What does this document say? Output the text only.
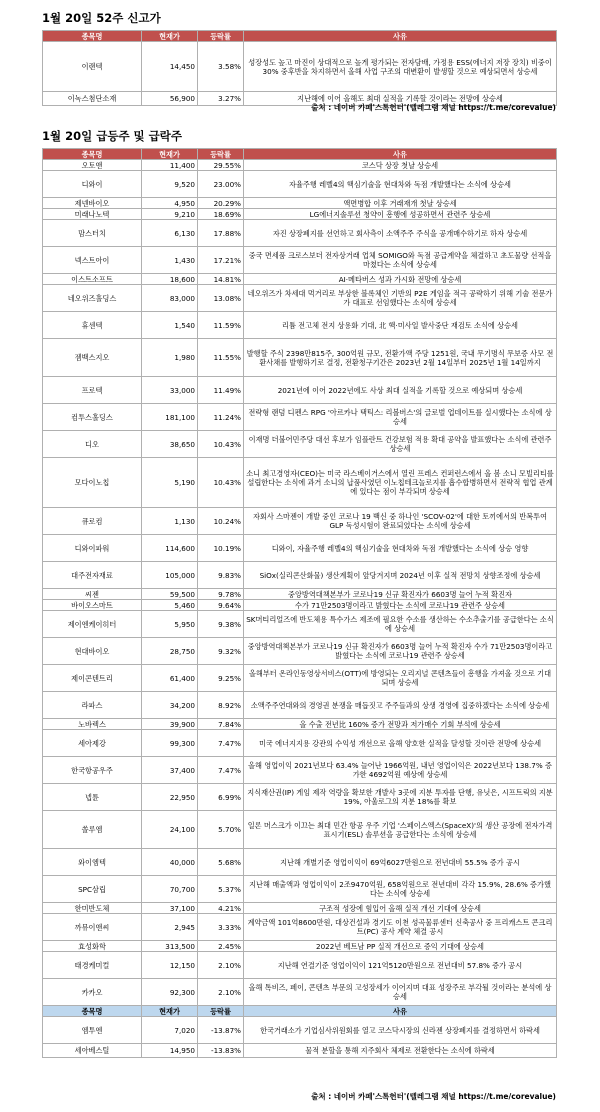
1월 20일 52주 신고가
종목명	현재가	등락률	사유
이랜텍	14,450	3.58%	성장성도 높고 마진이 상대적으로 높게 평가되는 전자담배, 가정용 ESS(에너지 저장 장치) 비중이 30% 중후반을 차지하면서 올해 사업 구조의 대변환이 발생할 것으로 예상되면서 상승세
이녹스첨단소재	56,900	3.27%	지난해에 이어 올해도 최대 실적을 기록할 것이라는 전망에 상승세
출처 : 네이버 카페'스톡헌터'(텔레그램 채널 https://t.me/corevalue)
1월 20일 급등주 및 급락주
종목명	현재가	등락률	사유
오토앤	11,400	29.55%	코스닥 상장 첫날 상승세
디와이	9,520	23.00%	자율주행 레벨4의 핵심기술을 현대차와 독점 개발했다는 소식에 상승세
제넨바이오	4,950	20.29%	액면병합 이후 거래재개 첫날 상승세
미래나노텍	9,210	18.69%	LG에너지솔루션 청약이 흥행에 성공하면서 관련주 상승세
맘스터치	6,130	17.88%	자진 상장폐지를 선언하고 회사측이 소액주주 주식을 공개매수하기로 하자 상승세
넥스트아이	1,430	17.21%	중국 면세품 크로스보더 전자상거래 업체 SOMIGO와 독점 공급계약을 체결하고 초도물량 선적을 마쳤다는 소식에 상승세
이스트소프트	18,600	14.81%	AI·메타버스 성과 가시화 전망에 상승세
네오위즈홀딩스	83,000	13.08%	네오위즈가 차세대 먹거리로 부상한 블록체인 기반의 P2E 게임을 적극 공략하기 위해 기술 전문가가 대표로 선임했다는 소식에 상승세
휴센텍	1,540	11.59%	리튬 전고체 전지 상용화 기대, 北 핵·미사일 발사중단 재검토 소식에 상승세
젬백스지오	1,980	11.55%	발행할 주식 2398만815주, 300억원 규모, 전환가액 주당 1251원, 국내 무기명식 무보증 사모 전환사채를 발행하기로 결정, 전환청구기간은 2023년 2월 14일부터 2025년 1월 14일까지
프로텍	33,000	11.49%	2021년에 이어 2022년에도 사상 최대 실적을 기록할 것으로 예상되며 상승세
컴투스홀딩스	181,100	11.24%	전략형 랜덤 디펜스 RPG '아르카나 택틱스: 리볼버스'의 글로벌 업데이트를 실시했다는 소식에 상승세
디오	38,650	10.43%	이재명 더불어민주당 대선 후보가 임플란트 건강보험 적용 확대 공약을 발표했다는 소식에 관련주 상승세
모다이노칩	5,190	10.43%	소니 최고경영자(CEO)는 미국 라스베이거스에서 열린 프레스 컨퍼런스에서 올 봄 소니 모빌리티를 설립한다는 소식에 과거 소니의 납품사였던 이노칩테크놀로지를 흡수합병하면서 전략적 협업 관계에 있다는 점이 부각되며 상승세
큐로컴	1,130	10.24%	자회사 스마젠이 개발 중인 코로나 19 백신 중 하나인 'SCOV-02'에 대한 토끼에서의 반복투여 GLP 독성시험이 완료되었다는 소식에 상승세
디와이파워	114,600	10.19%	디와이, 자율주행 레벨4의 핵심기술을 현대차와 독점 개발했다는 소식에 상승 영향
대주전자재료	105,000	9.83%	SiOx(실리콘산화물) 생산계획이 앞당겨지며 2024년 이후 실적 전망치 상향조정에 상승세
씨젠	59,500	9.78%	중앙방역대책본부가 코로나19 신규 확진자가 6603명 늘어 누적 확진자
바이오스마트	5,460	9.64%	수가 71만2503명이라고 밝혔다는 소식에 코로나19 관련주 상승세
제이엔케이히터	5,950	9.38%	SK머티리얼즈에 반도체용 특수가스 제조에 필요한 수소를 생산하는 수소추출기를 공급한다는 소식에 상승세
현대바이오	28,750	9.32%	중앙방역대책본부가 코로나19 신규 확진자가 6603명 늘어 누적 확진자 수가 71만2503명이라고 밝혔다는 소식에 코로나19 관련주 상승세
제이콘텐트리	61,400	9.25%	올해부터 온라인동영상서비스(OTT)에 방영되는 오리지널 콘텐츠들이 흥행을 가져올 것으로 기대되며 상승세
라파스	34,200	8.92%	소액주주연대와의 경영권 분쟁을 매듭짓고 주주들과의 상생 경영에 집중하겠다는 소식에 상승세
노바렉스	39,900	7.84%	올 수출 전년比 160% 증가 전망과 저가매수 기회 부석에 상승세
세아제강	99,300	7.47%	미국 에너지지용 강관의 수익성 개선으로 올해 양호한 실적을 달성할 것이란 전망에 상승세
한국항공우주	37,400	7.47%	올해 영업이익 2021년보다 63.4% 늘어난 1966억원, 내년 영업이익은 2022년보다 138.7% 증가한 4692억원 예상에 상승세
넵튠	22,950	6.99%	지식재산권(IP) 게임 제작 역량을 확보한 개발사 3곳에 지분 투자를 단행, 유닛은, 시프트릭의 지분 19%, 아울로그의 지분 18%를 확보
쏠루엠	24,100	5.70%	일론 머스크가 이끄는 최대 민간 항공 우주 기업 '스페이스엑스(SpaceX)'의 생산 공장에 전자가격표시기(ESL) 솔루션을 공급한다는 소식에 상승세
와이엠텍	40,000	5.68%	지난해 개별기준 영업이익이 69억6027만원으로 전년대비 55.5% 증가 공시
SPC삼립	70,700	5.37%	지난해 매출액과 영업이익이 2조9470억원, 658억원으로 전년대비 각각 15.9%, 28.6% 증가했다는 소식에 상승세
한미반도체	37,100	4.21%	구조적 성장에 힘입어 올해 실적 개선 기대에 상승세
까뮤이앤씨	2,945	3.33%	계약금액 101억8600만원, 대상건설과 경기도 이천 성곡물류센터 신축공사 중 프리캐스트 콘크리트(PC) 공사 계약 체결 공시
효성화학	313,500	2.45%	2022년 베트남 PP 실적 개선으로 증익 기대에 상승세
태경케미컬	12,150	2.10%	지난해 연결기준 영업이익이 121억5120만원으로 전년대비 57.8% 증가 공시
카카오	92,300	2.10%	올해 톡비즈, 페이, 콘텐츠 부문의 고성장세가 이어지며 대표 성장주로 부각될 것이라는 분석에 상승세
종목명	현재가	등락률	사유
엠투엔	7,020	-13.87%	한국거래소가 기업심사위원회를 열고 코스닥시장의 신라젠 상장폐지를 결정하면서 하락세
세아베스틸	14,950	-13.83%	물적 분할을 통해 지주회사 체제로 전환한다는 소식에 하락세
출처 : 네이버 카페'스톡헌터'(텔레그램 채널 https://t.me/corevalue)
